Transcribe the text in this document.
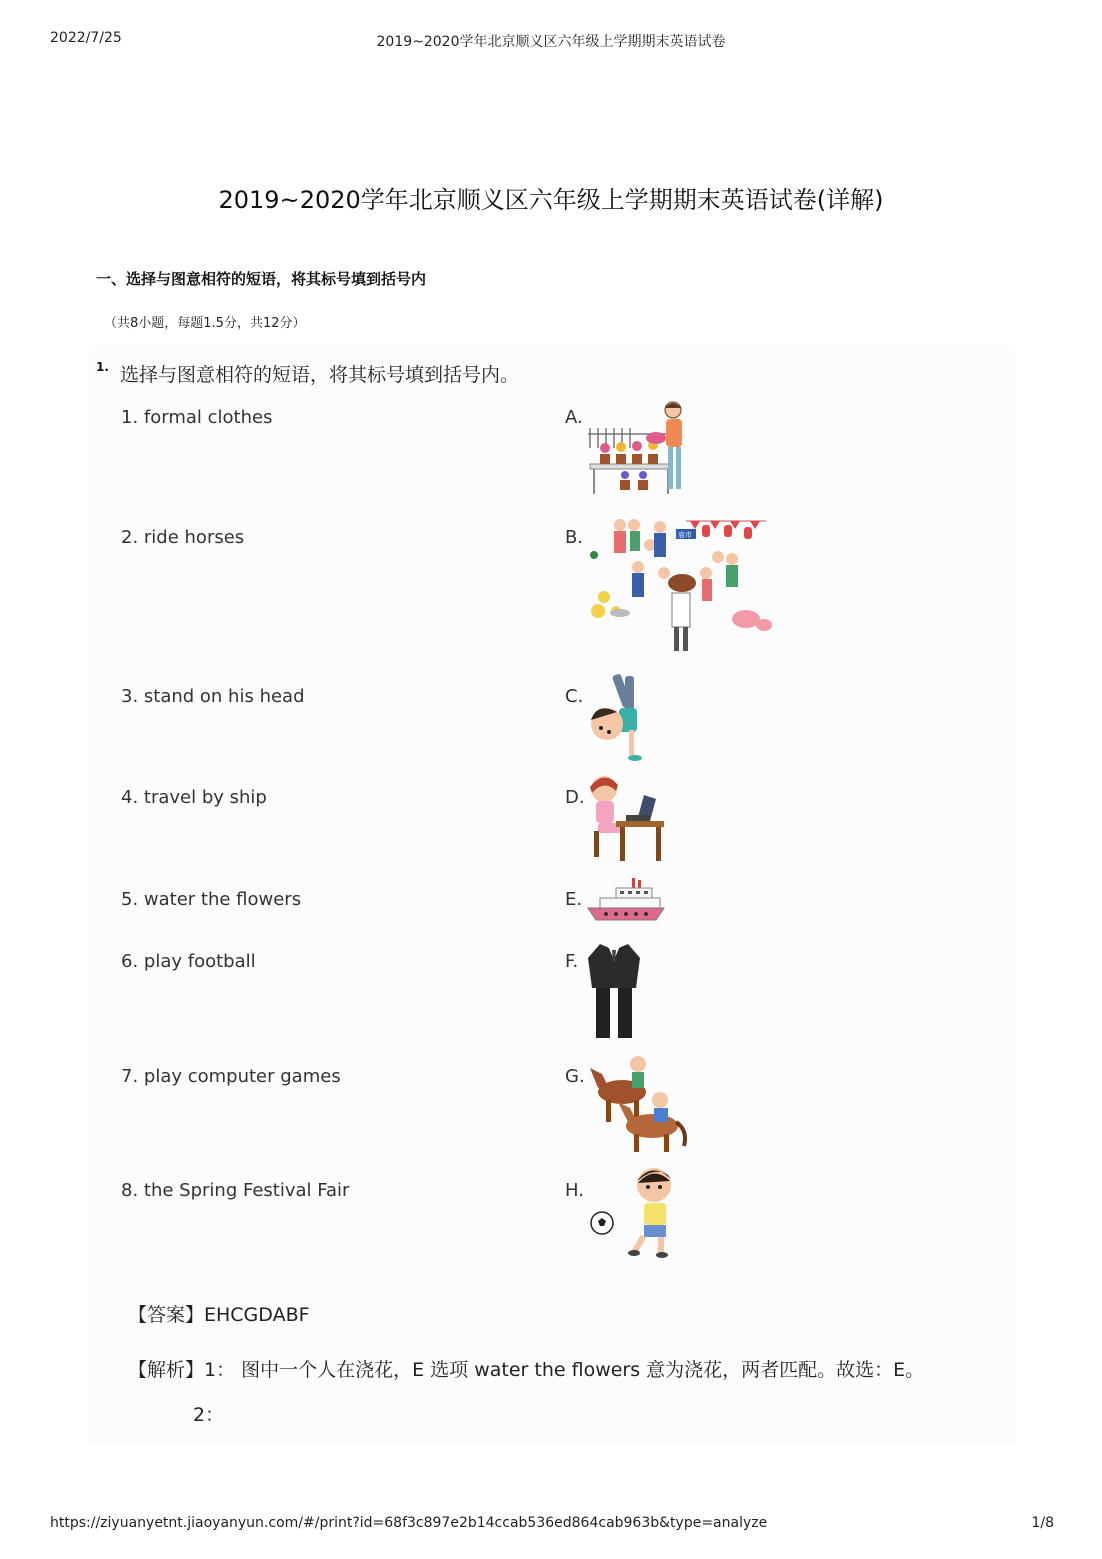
2022/7/25	2019~2020学年北京顺义区六年级上学期期末英语试卷
2019~2020学年北京顺义区六年级上学期期末英语试卷(详解)
一、选择与图意相符的短语，将其标号填到括号内
（共8小题，每题1.5分，共12分）
1. 选择与图意相符的短语，将其标号填到括号内。
1. formal clothes
2. ride horses
3. stand on his head
4. travel by ship
5. water the flowers
6. play football
7. play computer games
8. the Spring Festival Fair
A.
B.
C.
D.
E.
F.
G.
H.
庙市
【答案】EHCGDABF
【解析】1： 图中一个人在浇花，E 选项 water the flowers 意为浇花，两者匹配。故选：E。
2：
https://ziyuanyetnt.jiaoyanyun.com/#/print?id=68f3c897e2b14ccab536ed864cab963b&type=analyze	1/8
